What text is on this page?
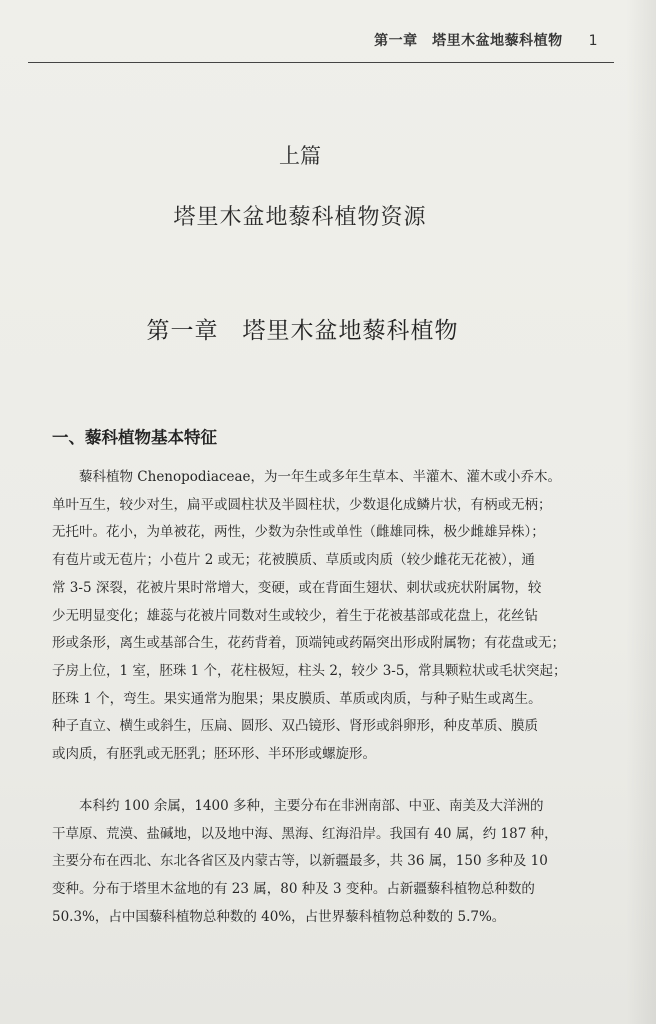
第一章　塔里木盆地藜科植物 1
上篇
塔里木盆地藜科植物资源
第一章 塔里木盆地藜科植物
一、藜科植物基本特征
藜科植物 Chenopodiaceae，为一年生或多年生草本、半灌木、灌木或小乔木。
单叶互生，较少对生，扁平或圆柱状及半圆柱状，少数退化成鳞片状，有柄或无柄；
无托叶。花小，为单被花，两性，少数为杂性或单性（雌雄同株，极少雌雄异株）；
有苞片或无苞片；小苞片 2 或无；花被膜质、草质或肉质（较少雌花无花被），通
常 3-5 深裂，花被片果时常增大，变硬，或在背面生翅状、刺状或疣状附属物，较
少无明显变化；雄蕊与花被片同数对生或较少，着生于花被基部或花盘上，花丝钻
形或条形，离生或基部合生，花药背着，顶端钝或药隔突出形成附属物；有花盘或无；
子房上位，1 室，胚珠 1 个，花柱极短，柱头 2，较少 3-5，常具颗粒状或毛状突起；
胚珠 1 个，弯生。果实通常为胞果；果皮膜质、革质或肉质，与种子贴生或离生。
种子直立、横生或斜生，压扁、圆形、双凸镜形、肾形或斜卵形，种皮革质、膜质
或肉质，有胚乳或无胚乳；胚环形、半环形或螺旋形。
本科约 100 余属，1400 多种，主要分布在非洲南部、中亚、南美及大洋洲的
干草原、荒漠、盐碱地，以及地中海、黑海、红海沿岸。我国有 40 属，约 187 种，
主要分布在西北、东北各省区及内蒙古等，以新疆最多，共 36 属，150 多种及 10
变种。分布于塔里木盆地的有 23 属，80 种及 3 变种。占新疆藜科植物总种数的
50.3%，占中国藜科植物总种数的 40%，占世界藜科植物总种数的 5.7%。
